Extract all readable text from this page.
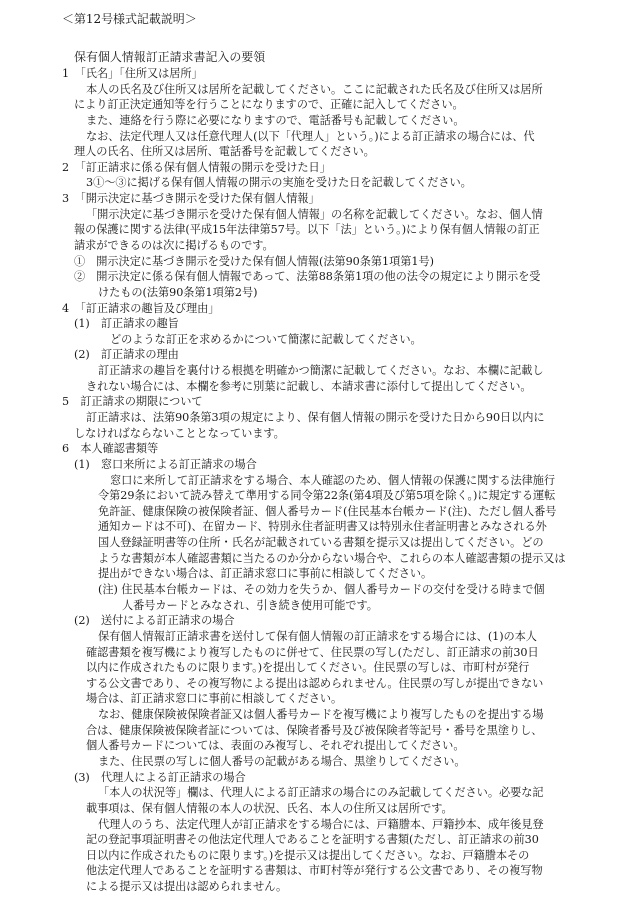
＜第12号様式記載説明＞

保有個人情報訂正請求書記入の要領

1　「氏名」「住所又は居所」

本人の氏名及び住所又は居所を記載してください。ここに記載された氏名及び住所又は居所

により訂正決定通知等を行うことになりますので、正確に記入してください。

また、連絡を行う際に必要になりますので、電話番号も記載してください。

なお、法定代理人又は任意代理人(以下「代理人」という。)による訂正請求の場合には、代

理人の氏名、住所又は居所、電話番号を記載してください。

2　「訂正請求に係る保有個人情報の開示を受けた日」

3①～③に掲げる保有個人情報の開示の実施を受けた日を記載してください。

3　「開示決定に基づき開示を受けた保有個人情報」

「開示決定に基づき開示を受けた保有個人情報」の名称を記載してください。なお、個人情

報の保護に関する法律(平成15年法律第57号。以下「法」という。)により保有個人情報の訂正

請求ができるのは次に掲げるものです。

①　開示決定に基づき開示を受けた保有個人情報(法第90条第1項第1号)

②　開示決定に係る保有個人情報であって、法第88条第1項の他の法令の規定により開示を受

けたもの(法第90条第1項第2号)

4　「訂正請求の趣旨及び理由」

(1)　訂正請求の趣旨

どのような訂正を求めるかについて簡潔に記載してください。

(2)　訂正請求の理由

訂正請求の趣旨を裏付ける根拠を明確かつ簡潔に記載してください。なお、本欄に記載し

きれない場合には、本欄を参考に別葉に記載し、本請求書に添付して提出してください。

5　訂正請求の期限について

訂正請求は、法第90条第3項の規定により、保有個人情報の開示を受けた日から90日以内に

しなければならないこととなっています。

6　本人確認書類等

(1)　窓口来所による訂正請求の場合

窓口に来所して訂正請求をする場合、本人確認のため、個人情報の保護に関する法律施行

令第29条において読み替えて準用する同令第22条(第4項及び第5項を除く。)に規定する運転

免許証、健康保険の被保険者証、個人番号カード(住民基本台帳カード(注)、ただし個人番号

通知カードは不可)、在留カード、特別永住者証明書又は特別永住者証明書とみなされる外

国人登録証明書等の住所・氏名が記載されている書類を提示又は提出してください。どの

ような書類が本人確認書類に当たるのか分からない場合や、これらの本人確認書類の提示又は

提出ができない場合は、訂正請求窓口に事前に相談してください。

(注) 住民基本台帳カードは、その効力を失うか、個人番号カードの交付を受ける時まで個

人番号カードとみなされ、引き続き使用可能です。

(2)　送付による訂正請求の場合

保有個人情報訂正請求書を送付して保有個人情報の訂正請求をする場合には、(1)の本人

確認書類を複写機により複写したものに併せて、住民票の写し(ただし、訂正請求の前30日

以内に作成されたものに限ります。)を提出してください。住民票の写しは、市町村が発行

する公文書であり、その複写物による提出は認められません。住民票の写しが提出できない

場合は、訂正請求窓口に事前に相談してください。

なお、健康保険被保険者証又は個人番号カードを複写機により複写したものを提出する場

合は、健康保険被保険者証については、保険者番号及び被保険者等記号・番号を黒塗りし、

個人番号カードについては、表面のみ複写し、それぞれ提出してください。

また、住民票の写しに個人番号の記載がある場合、黒塗りしてください。

(3)　代理人による訂正請求の場合

「本人の状況等」欄は、代理人による訂正請求の場合にのみ記載してください。必要な記

載事項は、保有個人情報の本人の状況、氏名、本人の住所又は居所です。

代理人のうち、法定代理人が訂正請求をする場合には、戸籍謄本、戸籍抄本、成年後見登

記の登記事項証明書その他法定代理人であることを証明する書類(ただし、訂正請求の前30

日以内に作成されたものに限ります。)を提示又は提出してください。なお、戸籍謄本その

他法定代理人であることを証明する書類は、市町村等が発行する公文書であり、その複写物

による提示又は提出は認められません。
